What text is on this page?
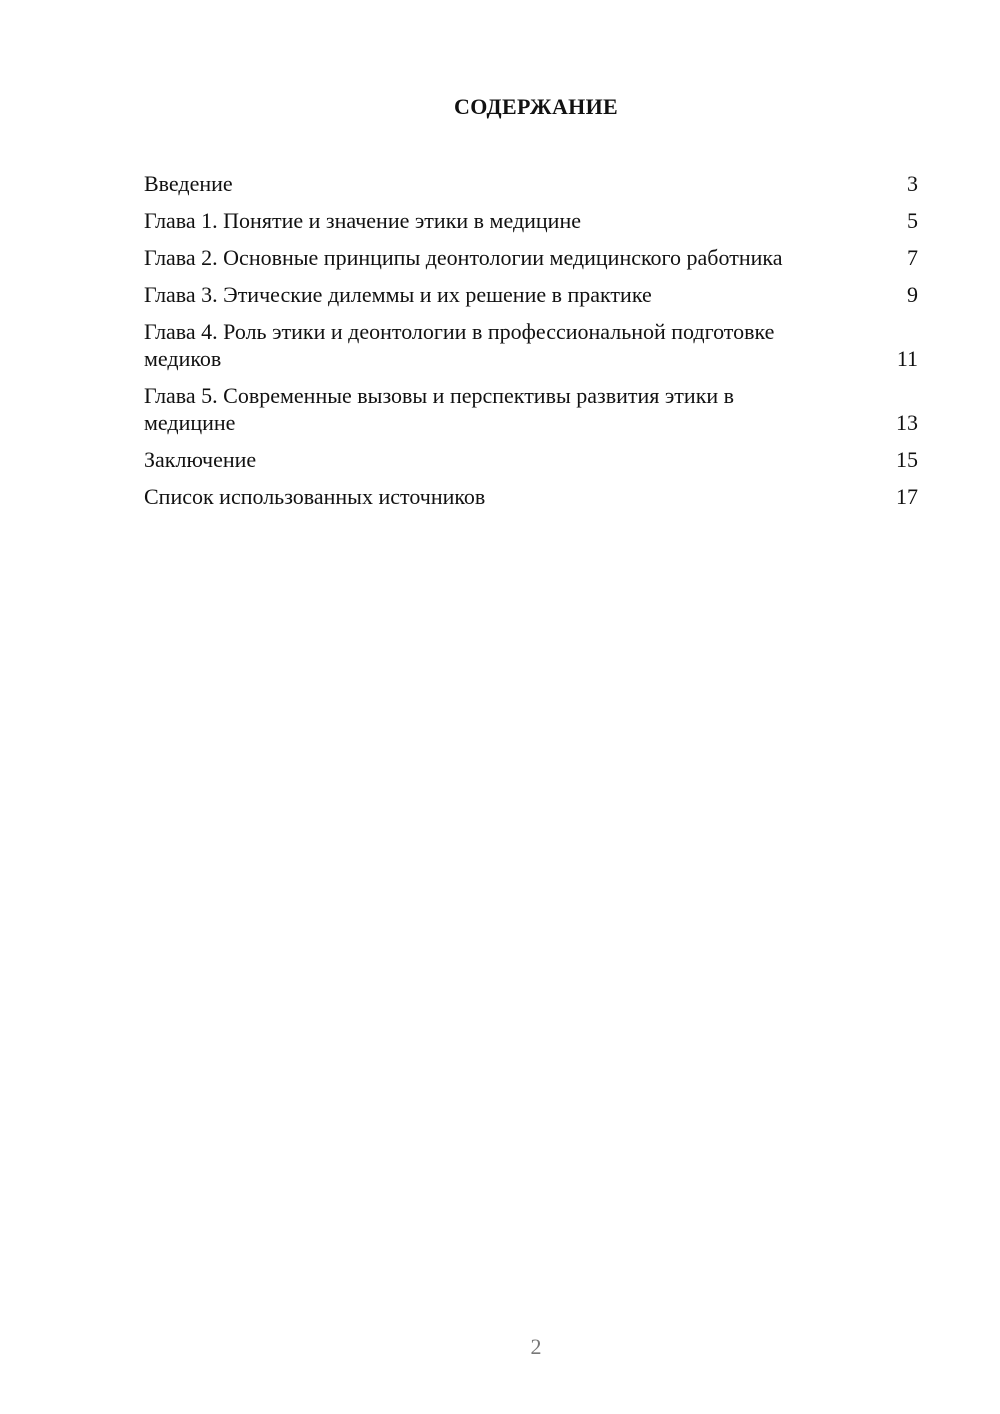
СОДЕРЖАНИЕ
Введение	3
Глава 1. Понятие и значение этики в медицине	5
Глава 2. Основные принципы деонтологии медицинского работника	7
Глава 3. Этические дилеммы и их решение в практике	9
Глава 4. Роль этики и деонтологии в профессиональной подготовке медиков	11
Глава 5. Современные вызовы и перспективы развития этики в медицине	13
Заключение	15
Список использованных источников	17
2
